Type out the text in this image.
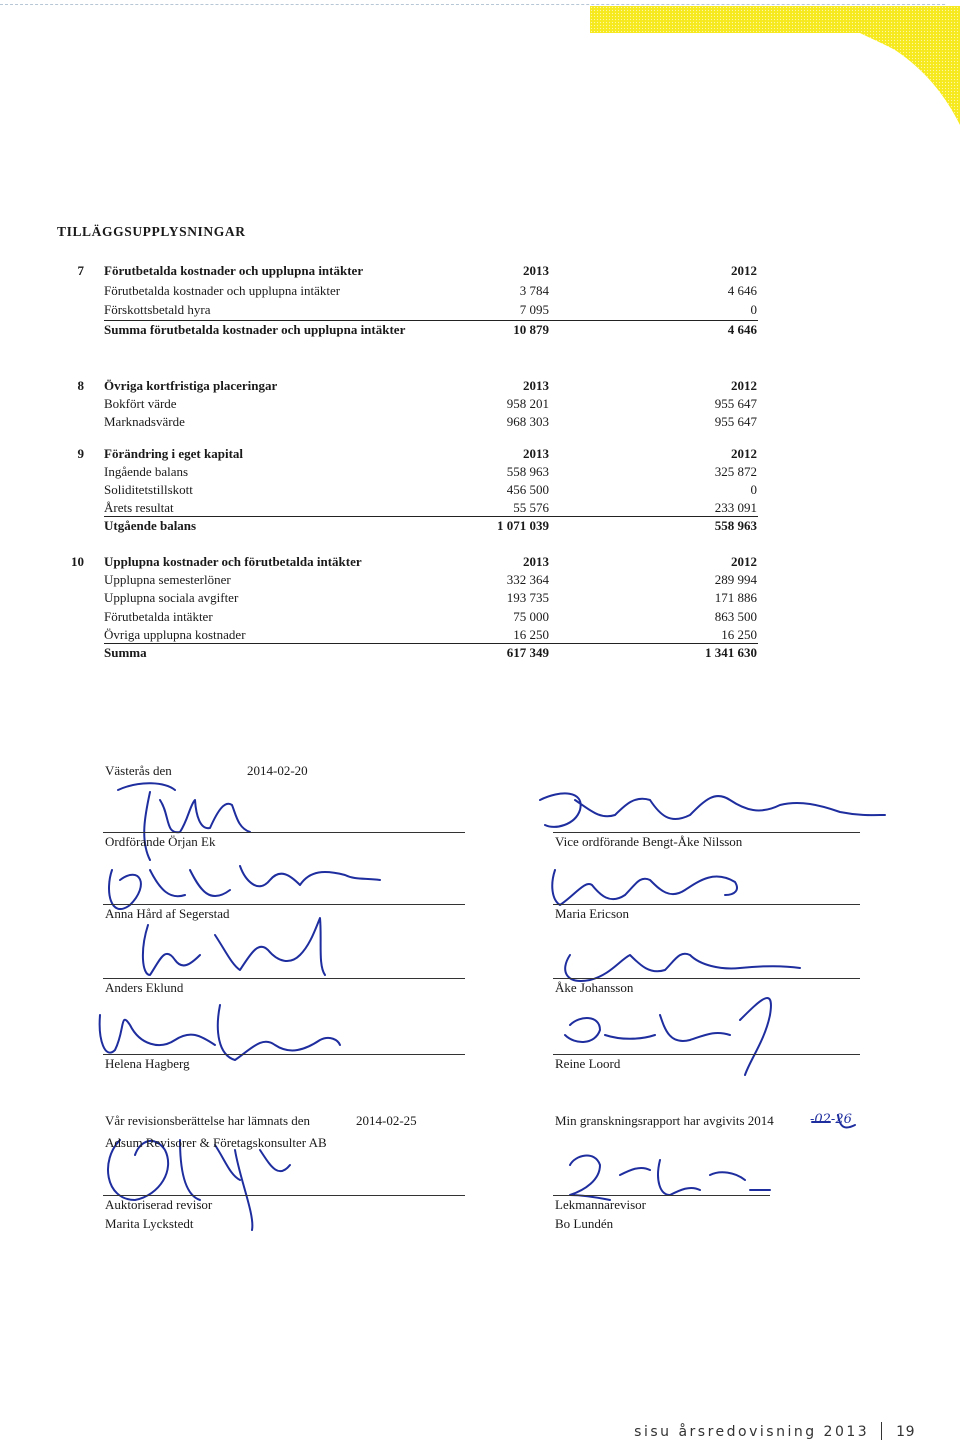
TILLÄGGSUPPLYSNINGAR
7 Förutbetalda kostnader och upplupna intäkter	2013	2012
Förutbetalda kostnader och upplupna intäkter	3 784	4 646
Förskottsbetald hyra	7 095	0
Summa förutbetalda kostnader och upplupna intäkter	10 879	4 646
8 Övriga kortfristiga placeringar	2013	2012
Bokfört värde	958 201	955 647
Marknadsvärde	968 303	955 647
9 Förändring i eget kapital	2013	2012
Ingående balans	558 963	325 872
Soliditetstillskott	456 500	0
Årets resultat	55 576	233 091
Utgående balans	1 071 039	558 963
10 Upplupna kostnader och förutbetalda intäkter	2013	2012
Upplupna semesterlöner	332 364	289 994
Upplupna sociala avgifter	193 735	171 886
Förutbetalda intäkter	75 000	863 500
Övriga upplupna kostnader	16 250	16 250
Summa	617 349	1 341 630
Västerås den	2014-02-20
Ordförande Örjan Ek
Anna Hård af Segerstad
Anders Eklund
Helena Hagberg
Vice ordförande Bengt-Åke Nilsson
Maria Ericson
Åke Johansson
Reine Loord
Vår revisionsberättelse har lämnats den	2014-02-25
Adsum Revisorer & Företagskonsulter AB
Auktoriserad revisor
Marita Lyckstedt
Min granskningsrapport har avgivits 2014	-02-26
Lekmannarevisor
Bo Lundén
sisu årsredovisning 2013 19
